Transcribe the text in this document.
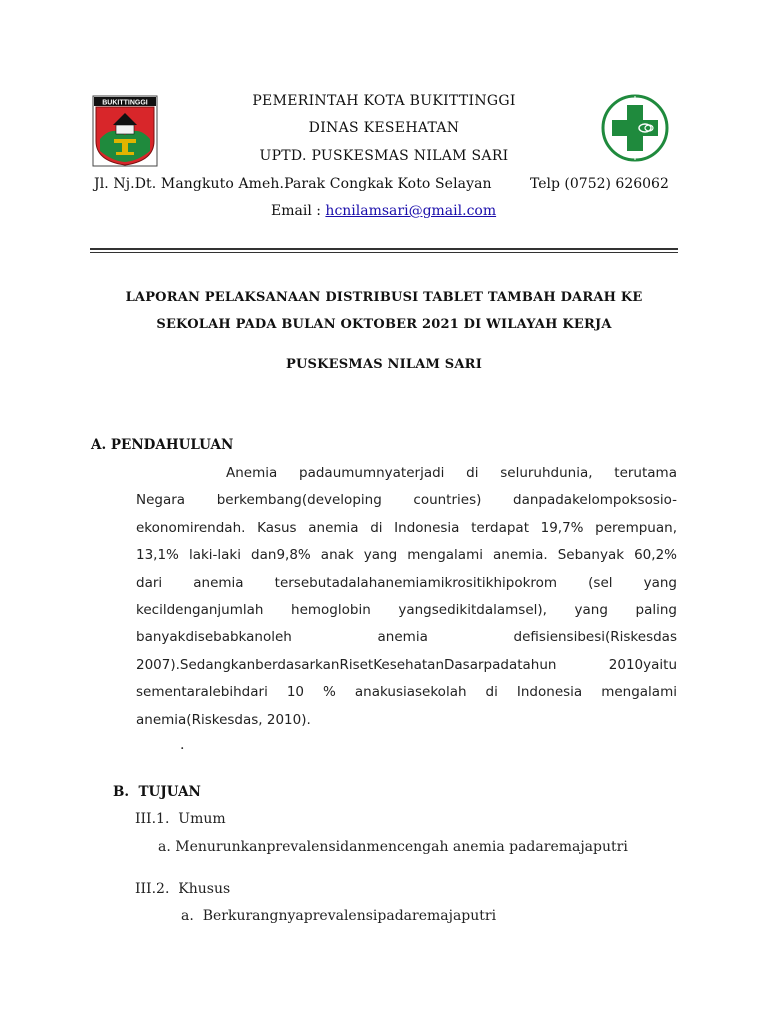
BUKITTINGGI	PEMERINTAH KOTA BUKITTINGGI
DINAS KESEHATAN
UPTD. PUSKESMAS NILAM SARI
Jl. Nj.Dt. Mangkuto Ameh.Parak Congkak Koto Selayan	Telp (0752) 626062
Email : hcnilamsari@gmail.com
LAPORAN PELAKSANAAN DISTRIBUSI TABLET TAMBAH DARAH KE
SEKOLAH PADA BULAN OKTOBER 2021 DI WILAYAH KERJA
PUSKESMAS NILAM SARI
A. PENDAHULUAN
Anemia padaumumnyaterjadi di seluruhdunia, terutama
Negara berkembang(developing countries) danpadakelompoksosio-
ekonomirendah. Kasus anemia di Indonesia terdapat 19,7% perempuan,
13,1% laki-laki dan9,8% anak yang mengalami anemia. Sebanyak 60,2%
dari anemia tersebutadalahanemiamikrositikhipokrom (sel yang
kecildenganjumlah hemoglobin yangsedikitdalamsel), yang paling
banyakdisebabkanoleh	anemia	defisiensibesi(Riskesdas
2007).SedangkanberdasarkanRisetKesehatanDasarpadatahun	2010yaitu
sementaralebihdari 10 % anakusiasekolah di Indonesia mengalami
anemia(Riskesdas, 2010).
.
B.  TUJUAN
III.1.  Umum
a. Menurunkanprevalensidanmencengah anemia padaremajaputri
III.2.  Khusus
a.  Berkurangnyaprevalensipadaremajaputri
